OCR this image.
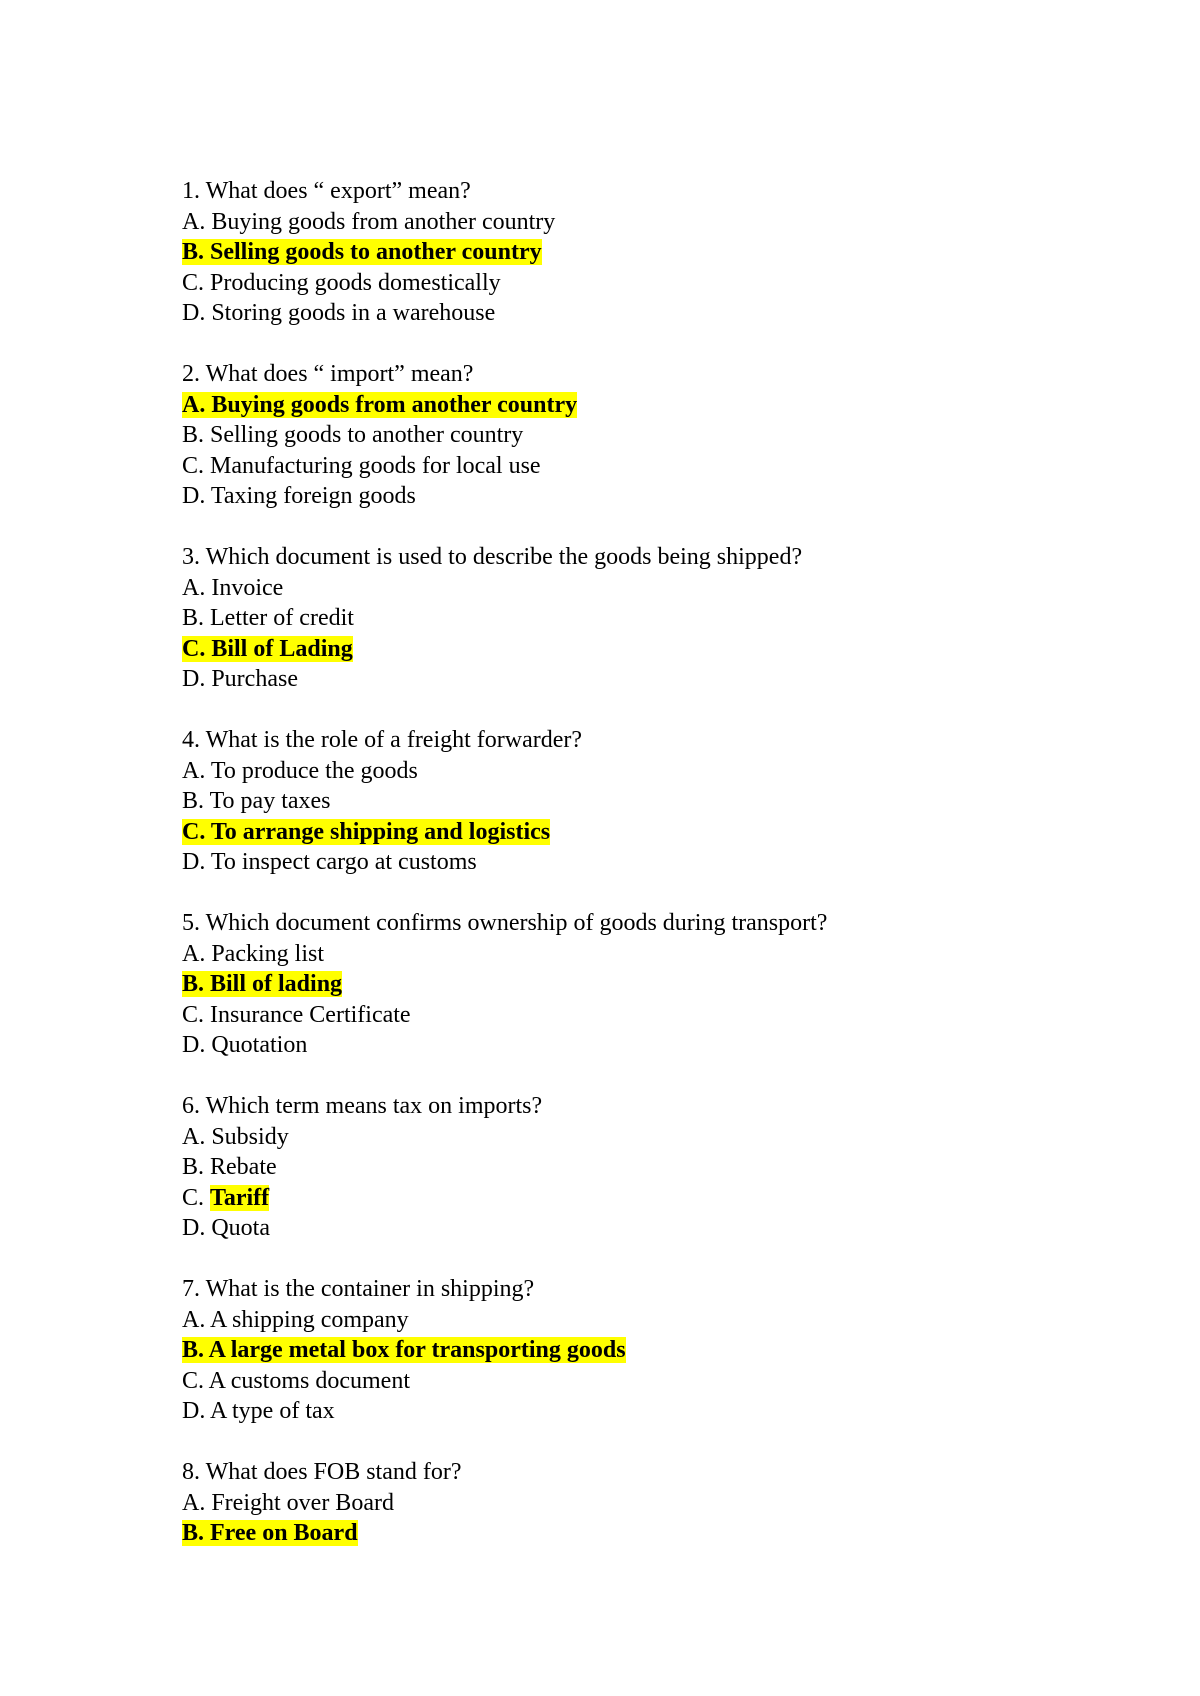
1. What does “ export” mean?
A. Buying goods from another country
B. Selling goods to another country
C. Producing goods domestically
D. Storing goods in a warehouse
2. What does “ import” mean?
A. Buying goods from another country
B. Selling goods to another country
C. Manufacturing goods for local use
D. Taxing foreign goods
3. Which document is used to describe the goods being shipped?
A. Invoice
B. Letter of credit
C. Bill of Lading
D. Purchase
4. What is the role of a freight forwarder?
A. To produce the goods
B. To pay taxes
C. To arrange shipping and logistics
D. To inspect cargo at customs
5. Which document confirms ownership of goods during transport?
A. Packing list
B. Bill of lading
C. Insurance Certificate
D. Quotation
6. Which term means tax on imports?
A. Subsidy
B. Rebate
C. Tariff
D. Quota
7. What is the container in shipping?
A. A shipping company
B. A large metal box for transporting goods
C. A customs document
D. A type of tax
8. What does FOB stand for?
A. Freight over Board
B. Free on Board
